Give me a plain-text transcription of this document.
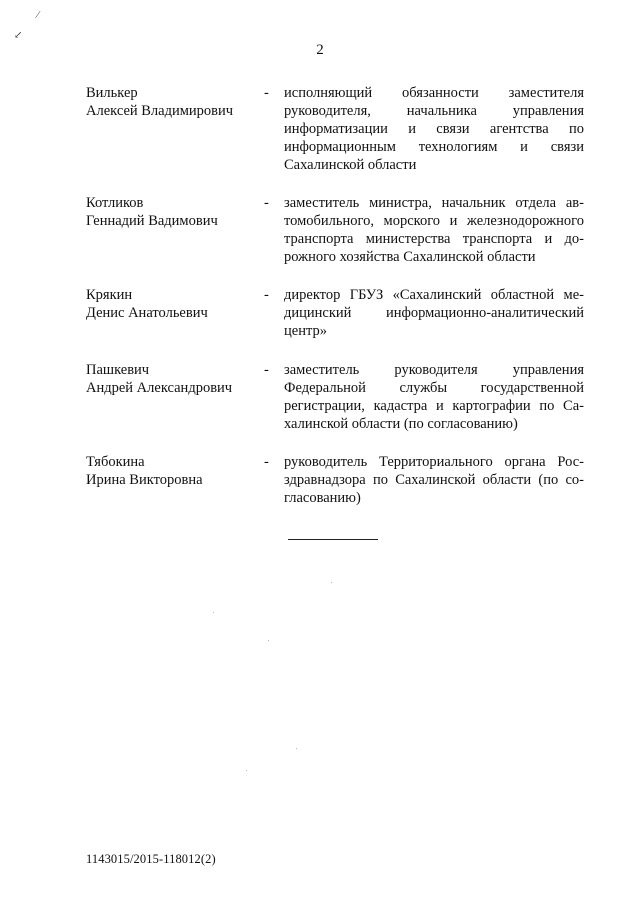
⁄
↙
2
Вилькер
Алексей Владимирович
-	исполняющий обязанности заместителя
руководителя, начальника управления
информатизации и связи агентства по
информационным технологиям и связи
Сахалинской области
Котликов
Геннадий Вадимович
-	заместитель министра, начальник отдела ав-
томобильного, морского и железнодорожного
транспорта министерства транспорта и до-
рожного хозяйства Сахалинской области
Крякин
Денис Анатольевич
-	директор ГБУЗ «Сахалинский областной ме-
дицинский информационно-аналитический
центр»
Пашкевич
Андрей Александрович
-	заместитель руководителя управления
Федеральной службы государственной
регистрации, кадастра и картографии по Са-
халинской области (по согласованию)
Тябокина
Ирина Викторовна
-	руководитель Территориального органа Рос-
здравнадзора по Сахалинской области (по со-
гласованию)
1143015/2015-118012(2)
